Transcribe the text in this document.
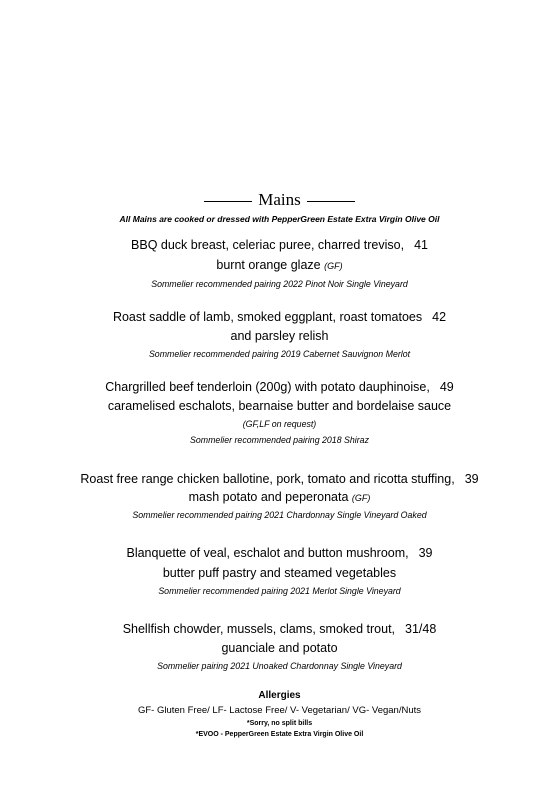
Mains
All Mains are cooked or dressed with PepperGreen Estate Extra Virgin Olive Oil
BBQ duck breast, celeriac puree, charred treviso, 41
burnt orange glaze (GF)
Sommelier recommended pairing 2022 Pinot Noir Single Vineyard
Roast saddle of lamb, smoked eggplant, roast tomatoes 42
and parsley relish
Sommelier recommended pairing 2019 Cabernet Sauvignon Merlot
Chargrilled beef tenderloin (200g) with potato dauphinoise, 49
caramelised eschalots, bearnaise butter and bordelaise sauce
(GF,LF on request)
Sommelier recommended pairing 2018 Shiraz
Roast free range chicken ballotine, pork, tomato and ricotta stuffing, 39
mash potato and peperonata (GF)
Sommelier recommended pairing 2021 Chardonnay Single Vineyard Oaked
Blanquette of veal, eschalot and button mushroom, 39
butter puff pastry and steamed vegetables
Sommelier recommended pairing 2021 Merlot Single Vineyard
Shellfish chowder, mussels, clams, smoked trout, 31/48
guanciale and potato
Sommelier pairing 2021 Unoaked Chardonnay Single Vineyard
Allergies
GF- Gluten Free/ LF- Lactose Free/ V- Vegetarian/ VG- Vegan/Nuts
*Sorry, no split bills
*EVOO - PepperGreen Estate Extra Virgin Olive Oil
